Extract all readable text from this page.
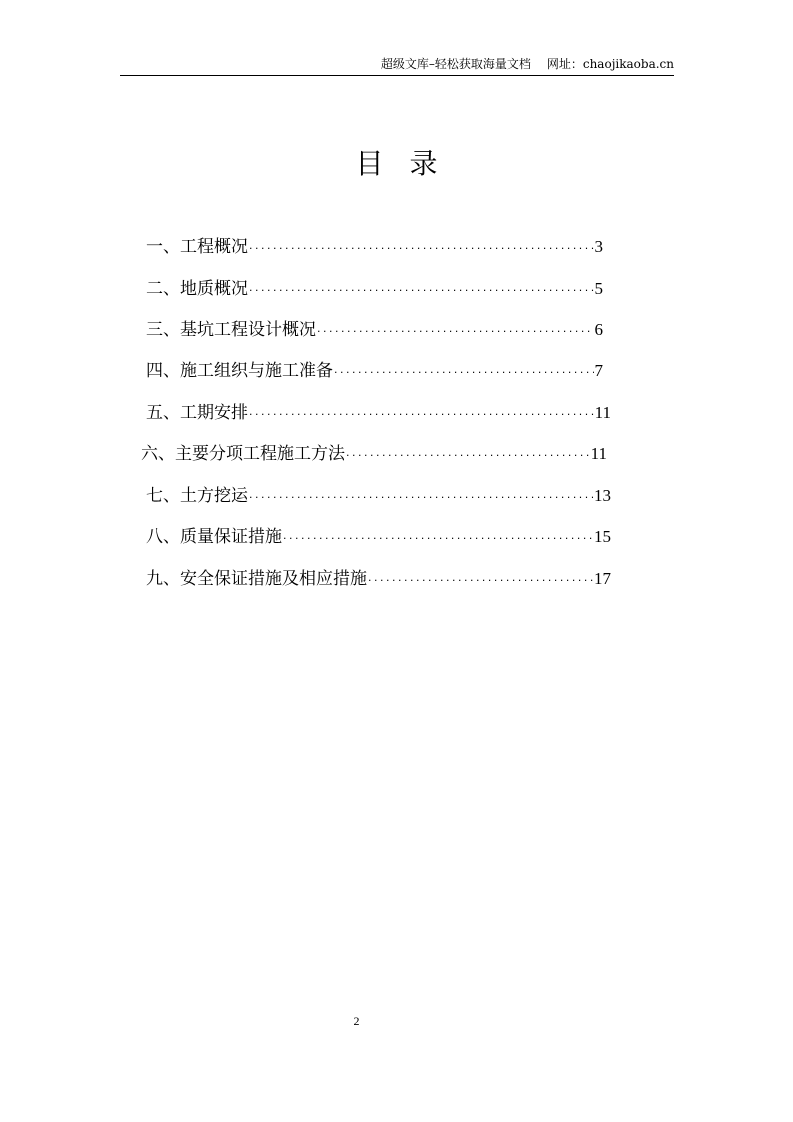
超级文库–轻松获取海量文档 网址：chaojikaoba.cn
目录
一、工程概况 ·····	3
二、地质概况 ·····	5
三、基坑工程设计概况 ·····	6
四、施工组织与施工准备 ·····	7
五、工期安排 ·····	11
六、主要分项工程施工方法 ·····	11
七、土方挖运 ·····	13
八、质量保证措施 ·····	15
九、安全保证措施及相应措施 ·····	17
2
